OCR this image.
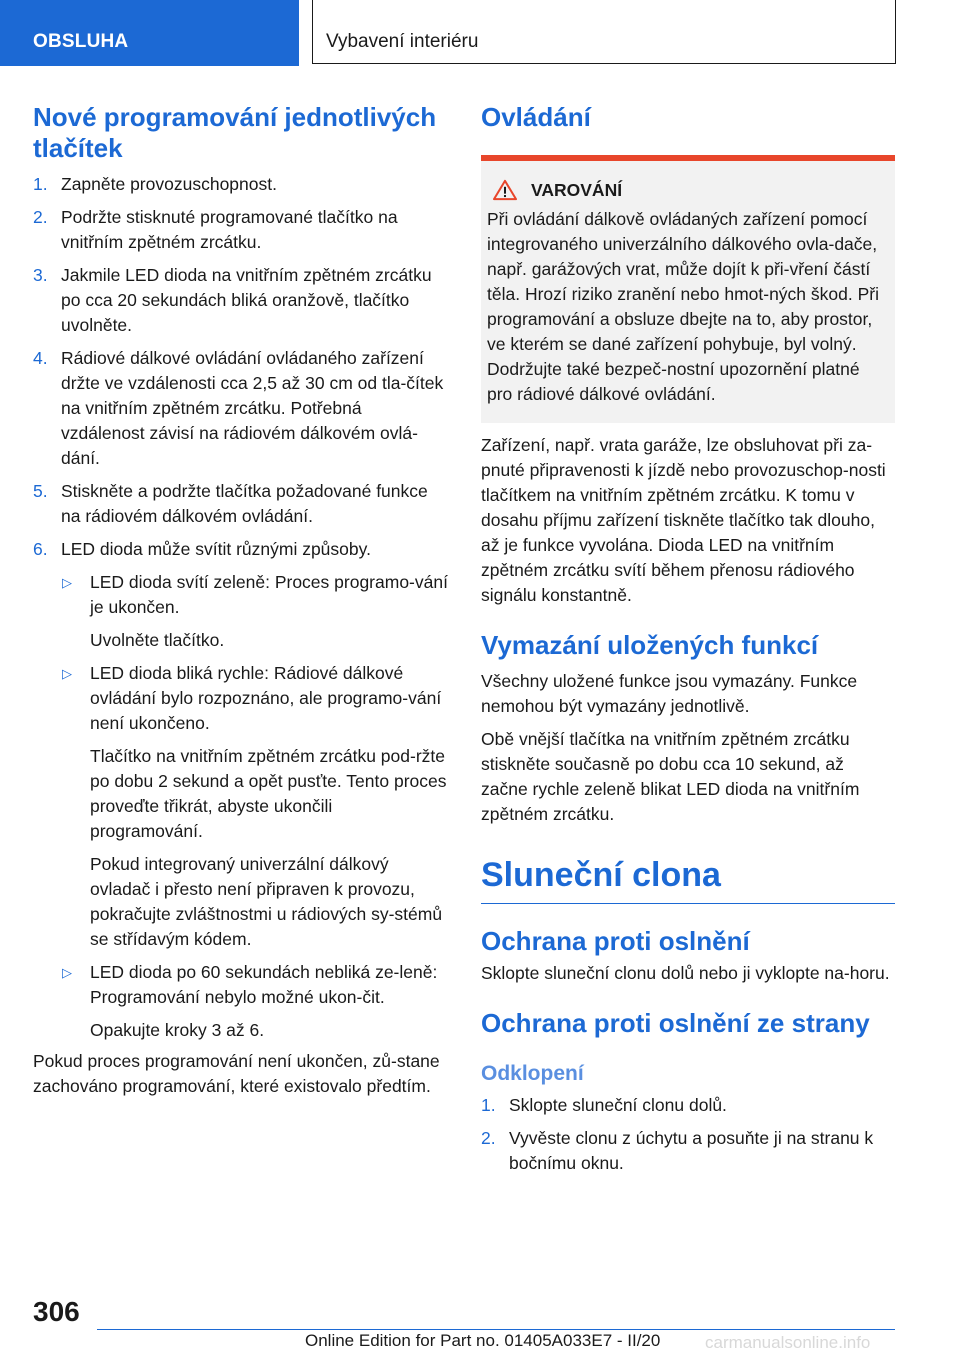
OBSLUHA	Vybavení interiéru
Nové programování jednotlivých tlačítek
1. Zapněte provozuschopnost.
2. Podržte stisknuté programované tlačítko na vnitřním zpětném zrcátku.
3. Jakmile LED dioda na vnitřním zpětném zrcátku po cca 20 sekundách bliká oranžově, tlačítko uvolněte.
4. Rádiové dálkové ovládání ovládaného zařízení držte ve vzdálenosti cca 2,5 až 30 cm od tla‐čítek na vnitřním zpětném zrcátku. Potřebná vzdálenost závisí na rádiovém dálkovém ovlá‐dání.
5. Stiskněte a podržte tlačítka požadované funkce na rádiovém dálkovém ovládání.
6. LED dioda může svítit různými způsoby.
▷ LED dioda svítí zeleně: Proces programo‐vání je ukončen.
Uvolněte tlačítko.
▷ LED dioda bliká rychle: Rádiové dálkové ovládání bylo rozpoznáno, ale programo‐vání není ukončeno.
Tlačítko na vnitřním zpětném zrcátku pod‐ržte po dobu 2 sekund a opět pusťte. Tento proces proveďte třikrát, abyste ukončili programování.
Pokud integrovaný univerzální dálkový ovladač i přesto není připraven k provozu, pokračujte zvláštnostmi u rádiových sy‐stémů se střídavým kódem.
▷ LED dioda po 60 sekundách nebliká ze‐leně: Programování nebylo možné ukon‐čit.
Opakujte kroky 3 až 6.

Pokud proces programování není ukončen, zů‐stane zachováno programování, které existovalo předtím.

Ovládání
VAROVÁNÍ

Při ovládání dálkově ovládaných zařízení pomocí integrovaného univerzálního dálkového ovla‐dače, např. garážových vrat, může dojít k při‐vření částí těla. Hrozí riziko zranění nebo hmot‐ných škod. Při programování a obsluze dbejte na to, aby prostor, ve kterém se dané zařízení pohybuje, byl volný. Dodržujte také bezpeč‐nostní upozornění platné pro rádiové dálkové ovládání.

Zařízení, např. vrata garáže, lze obsluhovat při za‐pnuté připravenosti k jízdě nebo provozuschop‐nosti tlačítkem na vnitřním zpětném zrcátku. K tomu v dosahu příjmu zařízení tiskněte tlačítko tak dlouho, až je funkce vyvolána. Dioda LED na vnitřním zpětném zrcátku svítí během přenosu rádiového signálu konstantně.

Vymazání uložených funkcí

Všechny uložené funkce jsou vymazány. Funkce nemohou být vymazány jednotlivě.

Obě vnější tlačítka na vnitřním zpětném zrcátku stiskněte současně po dobu cca 10 sekund, až začne rychle zeleně blikat LED dioda na vnitřním zpětném zrcátku.

Sluneční clona
Ochrana proti oslnění

Sklopte sluneční clonu dolů nebo ji vyklopte na‐horu.

Ochrana proti oslnění ze strany
Odklopení
1. Sklopte sluneční clonu dolů.
2. Vyvěste clonu z úchytu a posuňte ji na stranu k bočnímu oknu.
306
Online Edition for Part no. 01405A033E7 - II/20	carmanualsonline.info
